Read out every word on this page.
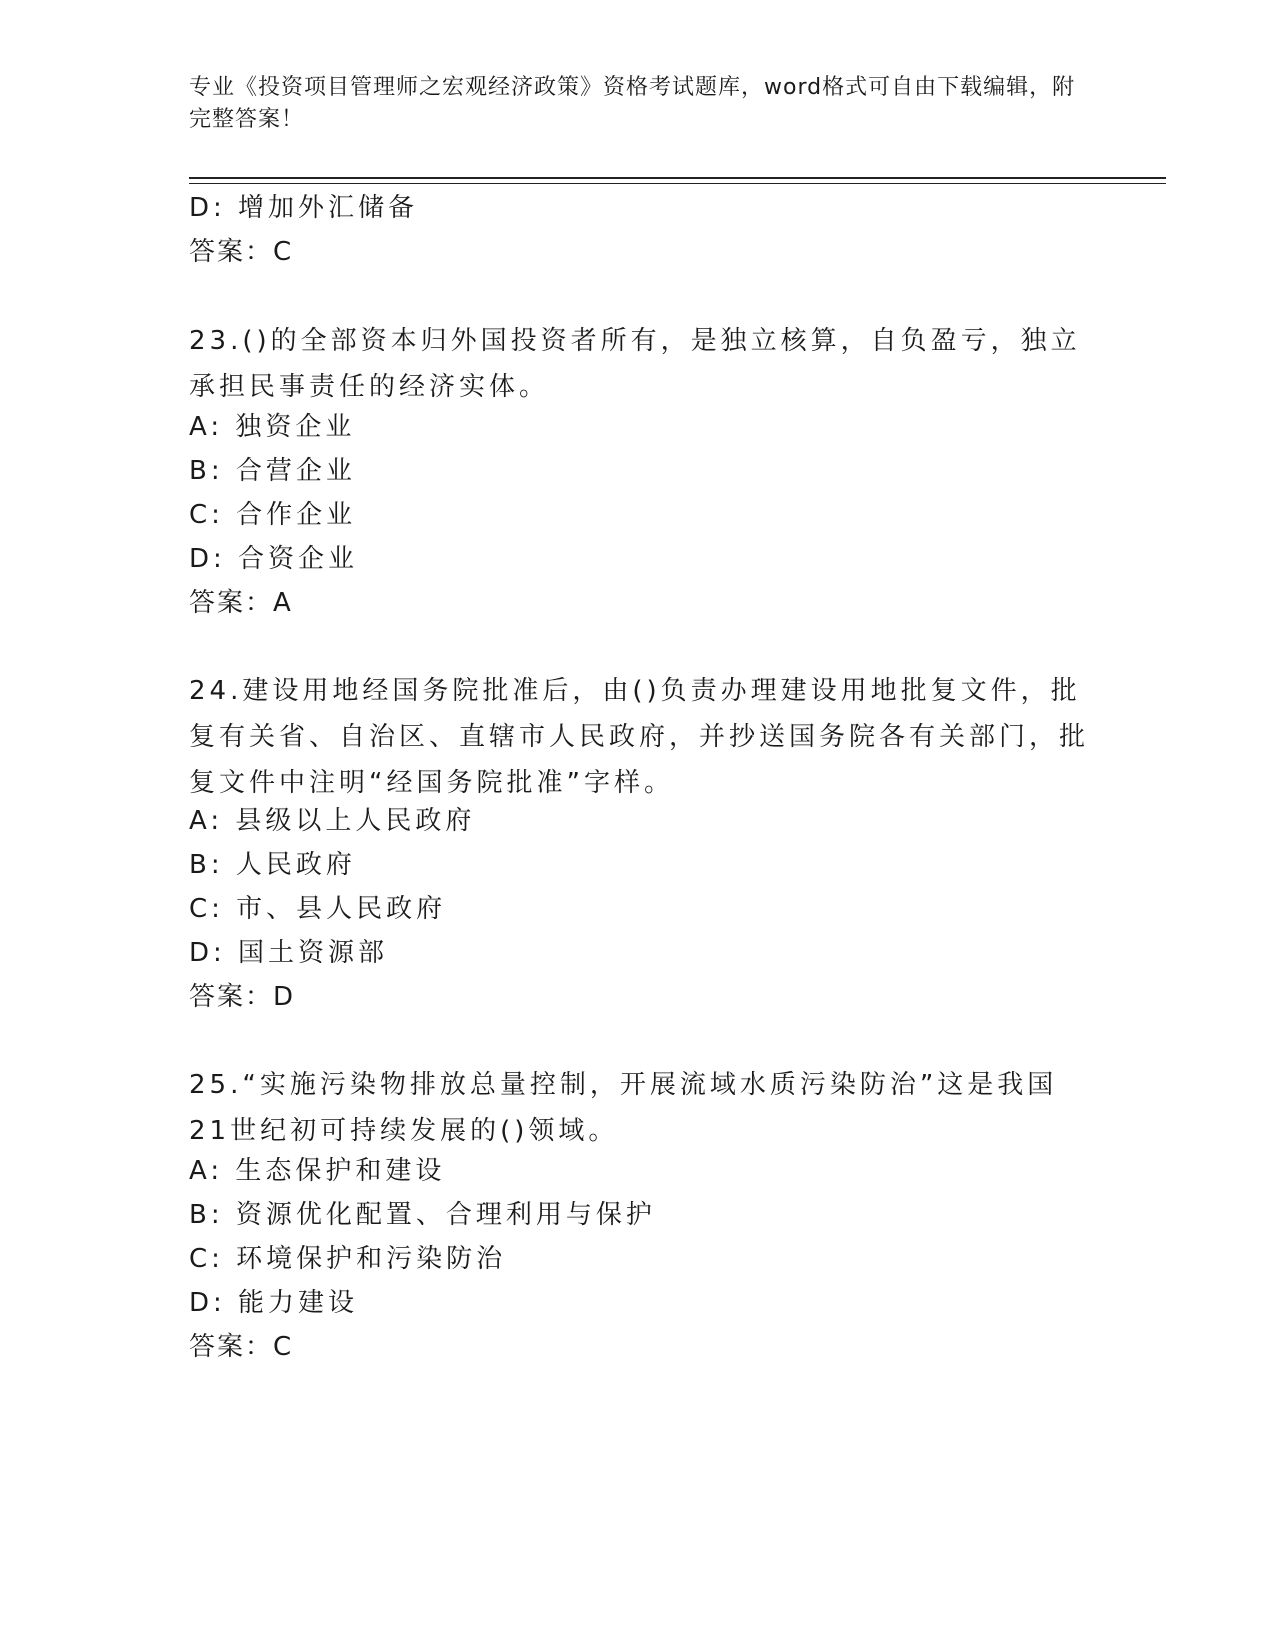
专业《投资项目管理师之宏观经济政策》资格考试题库，word格式可自由下载编辑，附完整答案！
D: 增加外汇储备
答案：C
23.()的全部资本归外国投资者所有，是独立核算，自负盈亏，独立承担民事责任的经济实体。
A: 独资企业
B: 合营企业
C: 合作企业
D: 合资企业
答案：A
24.建设用地经国务院批准后，由()负责办理建设用地批复文件，批复有关省、自治区、直辖市人民政府，并抄送国务院各有关部门，批复文件中注明“经国务院批准”字样。
A: 县级以上人民政府
B: 人民政府
C: 市、县人民政府
D: 国土资源部
答案：D
25.“实施污染物排放总量控制，开展流域水质污染防治”这是我国21世纪初可持续发展的()领域。
A: 生态保护和建设
B: 资源优化配置、合理利用与保护
C: 环境保护和污染防治
D: 能力建设
答案：C
